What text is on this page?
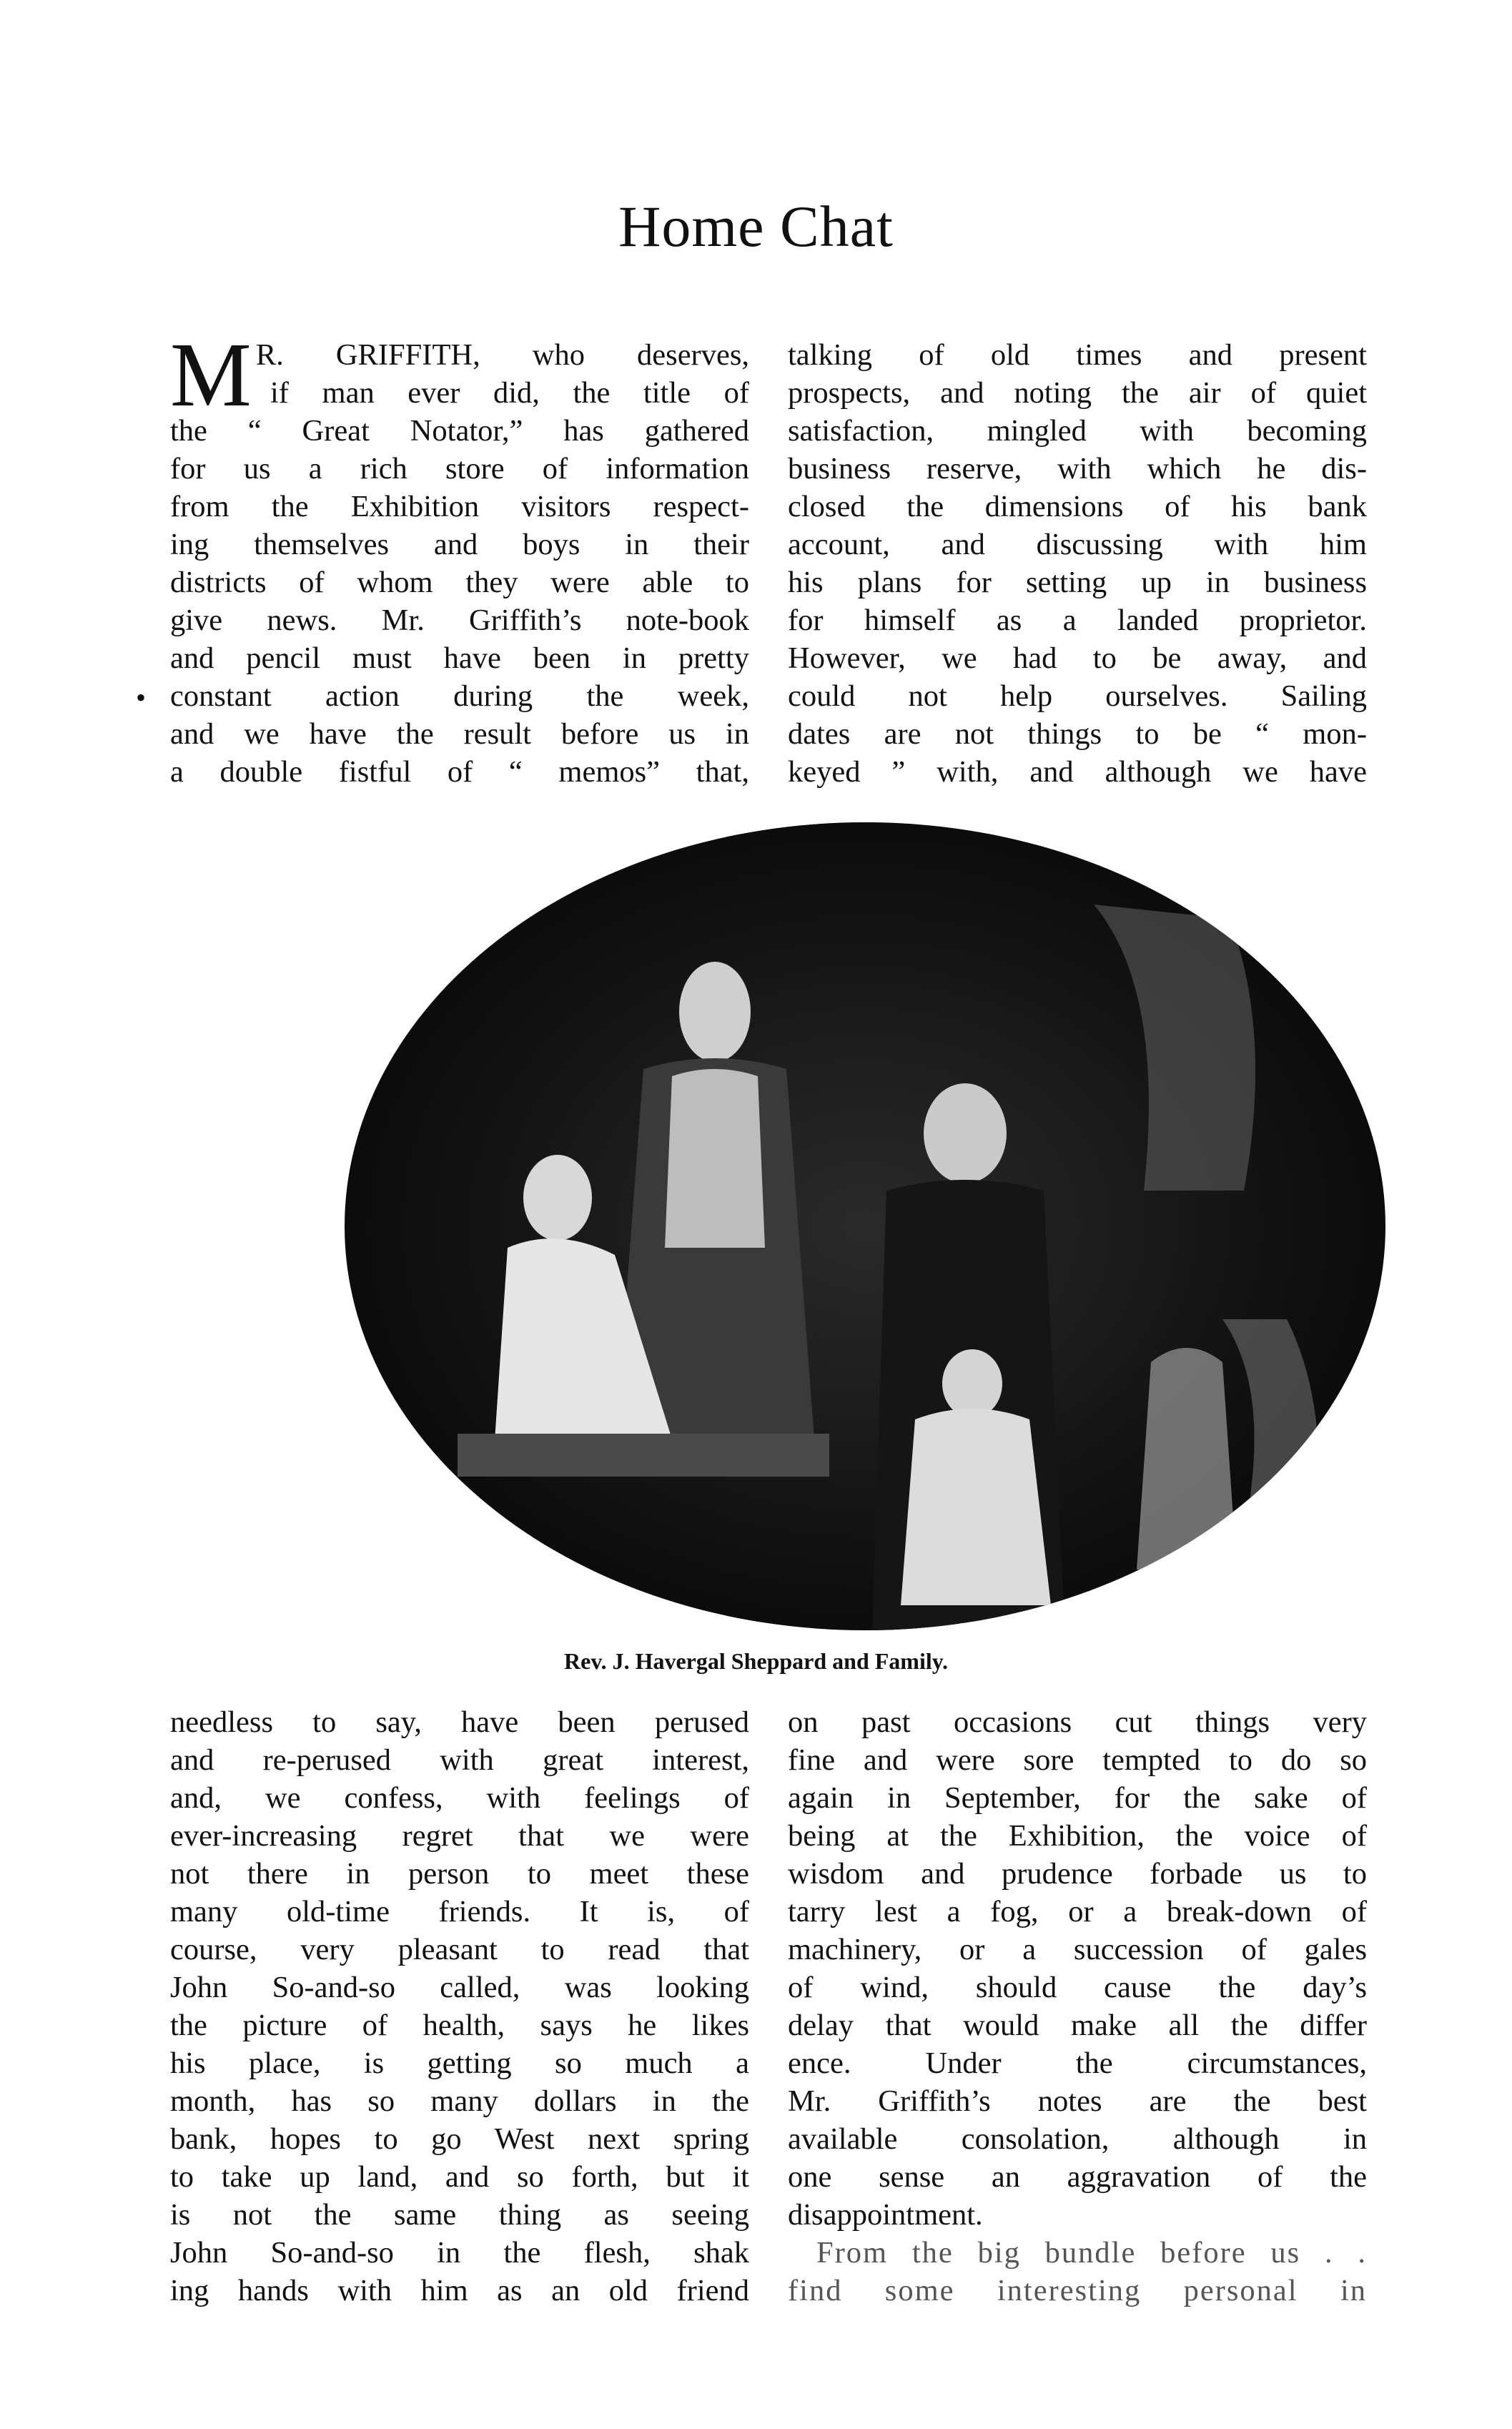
Home Chat
M R. GRIFFITH, who deserves,
if man ever did, the title of
the “ Great Notator,” has gathered
for us a rich store of information
from the Exhibition visitors respect-
ing themselves and boys in their
districts of whom they were able to
give news. Mr. Griffith’s note-book
and pencil must have been in pretty
constant action during the week,
and we have the result before us in
a double fistful of “ memos” that,
•
talking of old times and present
prospects, and noting the air of quiet
satisfaction, mingled with becoming
business reserve, with which he dis-
closed the dimensions of his bank
account, and discussing with him
his plans for setting up in business
for himself as a landed proprietor.
However, we had to be away, and
could not help ourselves. Sailing
dates are not things to be “ mon-
keyed ” with, and although we have
Rev. J. Havergal Sheppard and Family.
needless to say, have been perused
and re-perused with great interest,
and, we confess, with feelings of
ever-increasing regret that we were
not there in person to meet these
many old-time friends. It is, of
course, very pleasant to read that
John So-and-so called, was looking
the picture of health, says he likes
his place, is getting so much a
month, has so many dollars in the
bank, hopes to go West next spring
to take up land, and so forth, but it
is not the same thing as seeing
John So-and-so in the flesh, shak
ing hands with him as an old friend
on past occasions cut things very
fine and were sore tempted to do so
again in September, for the sake of
being at the Exhibition, the voice of
wisdom and prudence forbade us to
tarry lest a fog, or a break-down of
machinery, or a succession of gales
of wind, should cause the day’s
delay that would make all the differ
ence. Under the circumstances,
Mr. Griffith’s notes are the best
available consolation, although in
one sense an aggravation of the
disappointment.
From the big bundle before us . .
find some interesting personal in
